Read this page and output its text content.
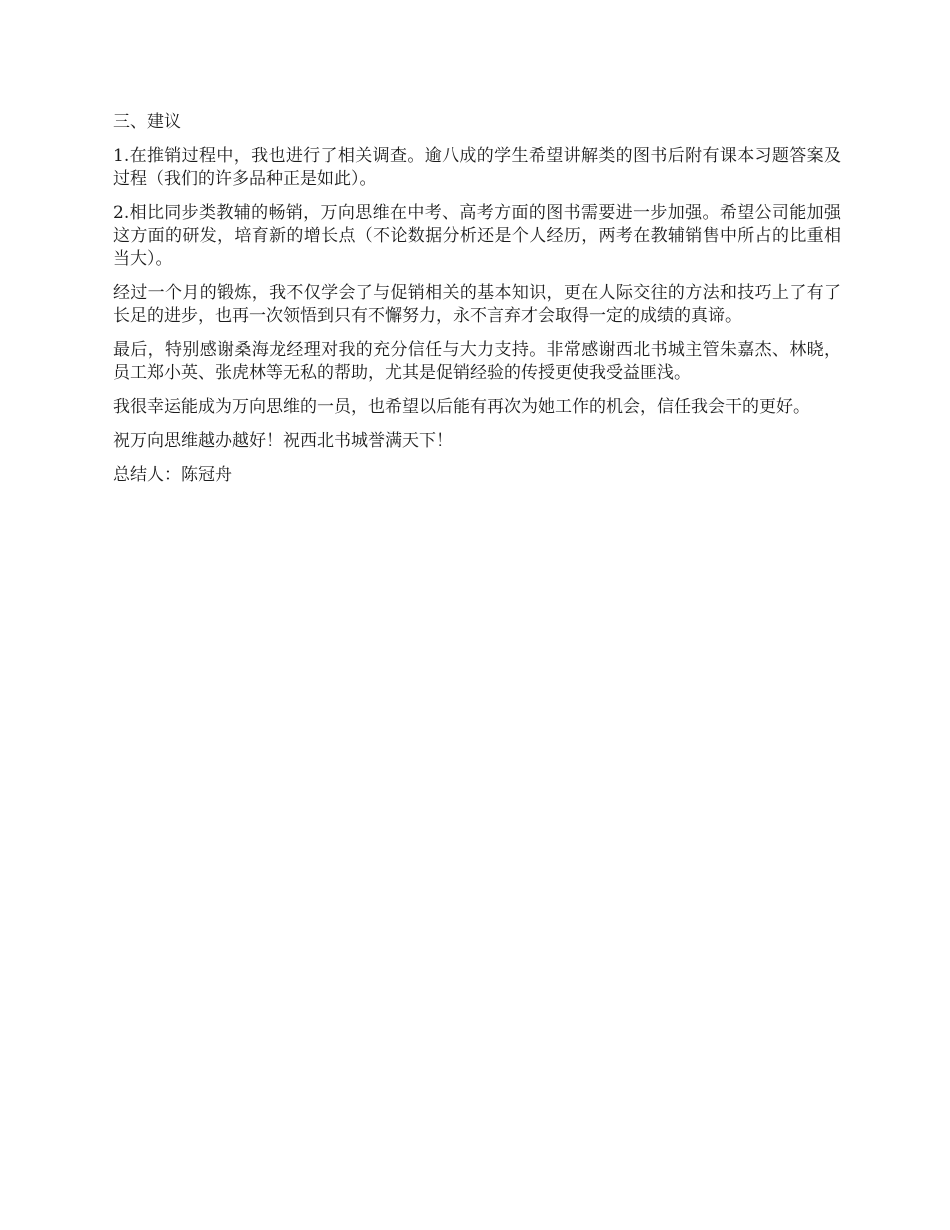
三、建议

1.在推销过程中，我也进行了相关调查。逾八成的学生希望讲解类的图书后附有课本习题答案及过程（我们的许多品种正是如此）。

2.相比同步类教辅的畅销，万向思维在中考、高考方面的图书需要进一步加强。希望公司能加强这方面的研发，培育新的增长点（不论数据分析还是个人经历，两考在教辅销售中所占的比重相当大）。

经过一个月的锻炼，我不仅学会了与促销相关的基本知识，更在人际交往的方法和技巧上了有了长足的进步，也再一次领悟到只有不懈努力，永不言弃才会取得一定的成绩的真谛。

最后，特别感谢桑海龙经理对我的充分信任与大力支持。非常感谢西北书城主管朱嘉杰、林晓，员工郑小英、张虎林等无私的帮助，尤其是促销经验的传授更使我受益匪浅。

我很幸运能成为万向思维的一员，也希望以后能有再次为她工作的机会，信任我会干的更好。

祝万向思维越办越好！祝西北书城誉满天下！

总结人：陈冠舟
